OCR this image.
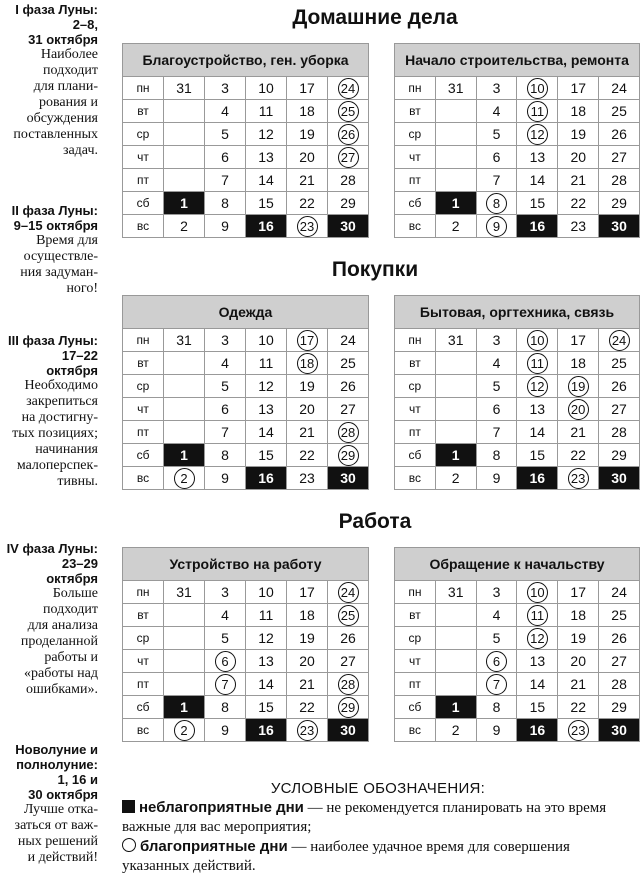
I фаза Луны:
2–8,
31 октября
Наиболее
подходит
для плани-
рования и
обсуждения
поставленных
задач.
II фаза Луны:
9–15 октября
Время для
осуществле-
ния задуман-
ного!
III фаза Луны:
17–22
октября
Необходимо
закрепиться
на достигну-
тых позициях;
начинания
малоперспек-
тивны.
IV фаза Луны:
23–29
октября
Больше
подходит
для анализа
проделанной
работы и
«работы над
ошибками».
Новолуние и
полнолуние:
1, 16 и
30 октября
Лучше отка-
заться от важ-
ных решений
и действий!
Домашние дела
Благоустройство, ген. уборка					
пн	31	3	10	17	24
вт		4	11	18	25
ср		5	12	19	26
чт		6	13	20	27
пт		7	14	21	28
сб	1	8	15	22	29
вс	2	9	16	23	30
Начало строительства, ремонта					
пн	31	3	10	17	24
вт		4	11	18	25
ср		5	12	19	26
чт		6	13	20	27
пт		7	14	21	28
сб	1	8	15	22	29
вс	2	9	16	23	30
Покупки
Одежда					
пн	31	3	10	17	24
вт		4	11	18	25
ср		5	12	19	26
чт		6	13	20	27
пт		7	14	21	28
сб	1	8	15	22	29
вс	2	9	16	23	30
Бытовая, оргтехника, связь					
пн	31	3	10	17	24
вт		4	11	18	25
ср		5	12	19	26
чт		6	13	20	27
пт		7	14	21	28
сб	1	8	15	22	29
вс	2	9	16	23	30
Работа
Устройство на работу					
пн	31	3	10	17	24
вт		4	11	18	25
ср		5	12	19	26
чт		6	13	20	27
пт		7	14	21	28
сб	1	8	15	22	29
вс	2	9	16	23	30
Обращение к начальству					
пн	31	3	10	17	24
вт		4	11	18	25
ср		5	12	19	26
чт		6	13	20	27
пт		7	14	21	28
сб	1	8	15	22	29
вс	2	9	16	23	30
УСЛОВНЫЕ ОБОЗНАЧЕНИЯ:
неблагоприятные дни — не рекомендуется планировать на это время важные для вас мероприятия;
благоприятные дни — наиболее удачное время для совершения указанных действий.
